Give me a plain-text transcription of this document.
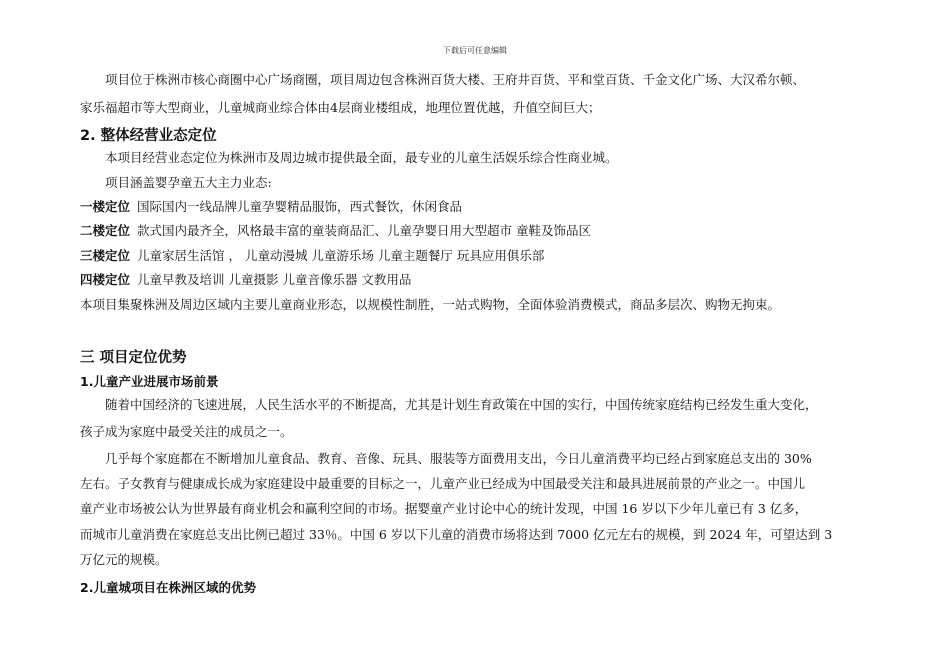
下载后可任意编辑
项目位于株洲市核心商圈中心广场商圈，项目周边包含株洲百货大楼、王府井百货、平和堂百货、千金文化广场、大汉希尔顿、
家乐福超市等大型商业，儿童城商业综合体由4层商业楼组成，地理位置优越，升值空间巨大；
2. 整体经营业态定位
本项目经营业态定位为株洲市及周边城市提供最全面，最专业的儿童生活娱乐综合性商业城。
项目涵盖婴孕童五大主力业态:
一楼定位 国际国内一线品牌儿童孕婴精品服饰，西式餐饮，休闲食品
二楼定位 款式国内最齐全，风格最丰富的童装商品汇、儿童孕婴日用大型超市 童鞋及饰品区
三楼定位 儿童家居生活馆 ， 儿童动漫城 儿童游乐场 儿童主题餐厅 玩具应用俱乐部
四楼定位 儿童早教及培训 儿童摄影 儿童音像乐器 文教用品
本项目集聚株洲及周边区域内主要儿童商业形态，以规模性制胜，一站式购物，全面体验消费模式，商品多层次、购物无拘束。
三 项目定位优势
1.儿童产业进展市场前景
随着中国经济的飞速进展，人民生活水平的不断提高，尤其是计划生育政策在中国的实行，中国传统家庭结构已经发生重大变化，
孩子成为家庭中最受关注的成员之一。
几乎每个家庭都在不断增加儿童食品、教育、音像、玩具、服装等方面费用支出，今日儿童消费平均已经占到家庭总支出的 30%
左右。子女教育与健康成长成为家庭建设中最重要的目标之一，儿童产业已经成为中国最受关注和最具进展前景的产业之一。中国儿
童产业市场被公认为世界最有商业机会和赢利空间的市场。据婴童产业讨论中心的统计发现，中国 16 岁以下少年儿童已有 3 亿多，
而城市儿童消费在家庭总支出比例已超过 33％。中国 6 岁以下儿童的消费市场将达到 7000 亿元左右的规模，到 2024 年，可望达到 3
万亿元的规模。
2.儿童城项目在株洲区域的优势
